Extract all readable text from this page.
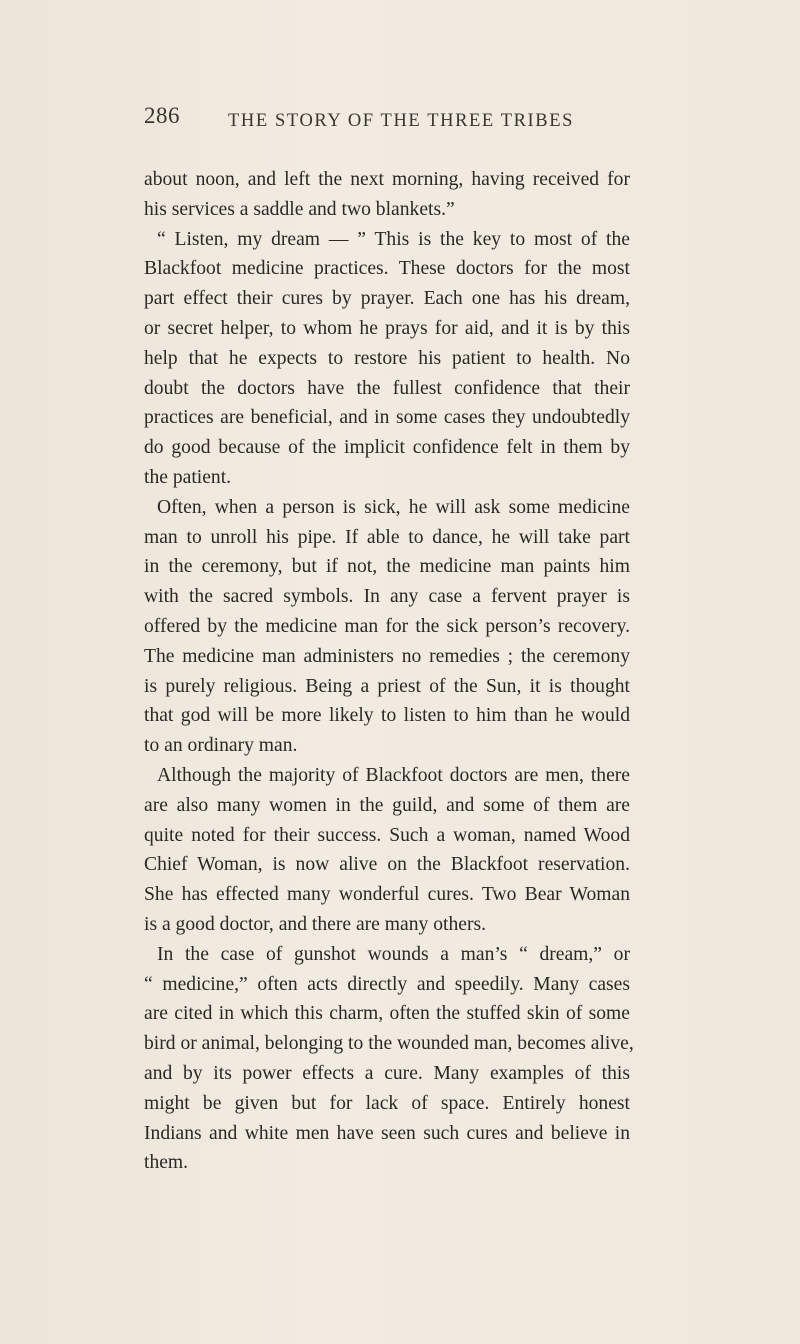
286	THE STORY OF THE THREE TRIBES
about noon, and left the next morning, having received for
his services a saddle and two blankets.”
“ Listen, my dream — ” This is the key to most of the
Blackfoot medicine practices. These doctors for the most
part effect their cures by prayer. Each one has his dream,
or secret helper, to whom he prays for aid, and it is by this
help that he expects to restore his patient to health. No
doubt the doctors have the fullest confidence that their
practices are beneficial, and in some cases they undoubtedly
do good because of the implicit confidence felt in them by
the patient.
Often, when a person is sick, he will ask some medicine
man to unroll his pipe. If able to dance, he will take part
in the ceremony, but if not, the medicine man paints him
with the sacred symbols. In any case a fervent prayer is
offered by the medicine man for the sick person’s recovery.
The medicine man administers no remedies ; the ceremony
is purely religious. Being a priest of the Sun, it is thought
that god will be more likely to listen to him than he would
to an ordinary man.
Although the majority of Blackfoot doctors are men, there
are also many women in the guild, and some of them are
quite noted for their success. Such a woman, named Wood
Chief Woman, is now alive on the Blackfoot reservation.
She has effected many wonderful cures. Two Bear Woman
is a good doctor, and there are many others.
In the case of gunshot wounds a man’s “ dream,” or
“ medicine,” often acts directly and speedily. Many cases
are cited in which this charm, often the stuffed skin of some
bird or animal, belonging to the wounded man, becomes alive,
and by its power effects a cure. Many examples of this
might be given but for lack of space. Entirely honest
Indians and white men have seen such cures and believe in
them.
